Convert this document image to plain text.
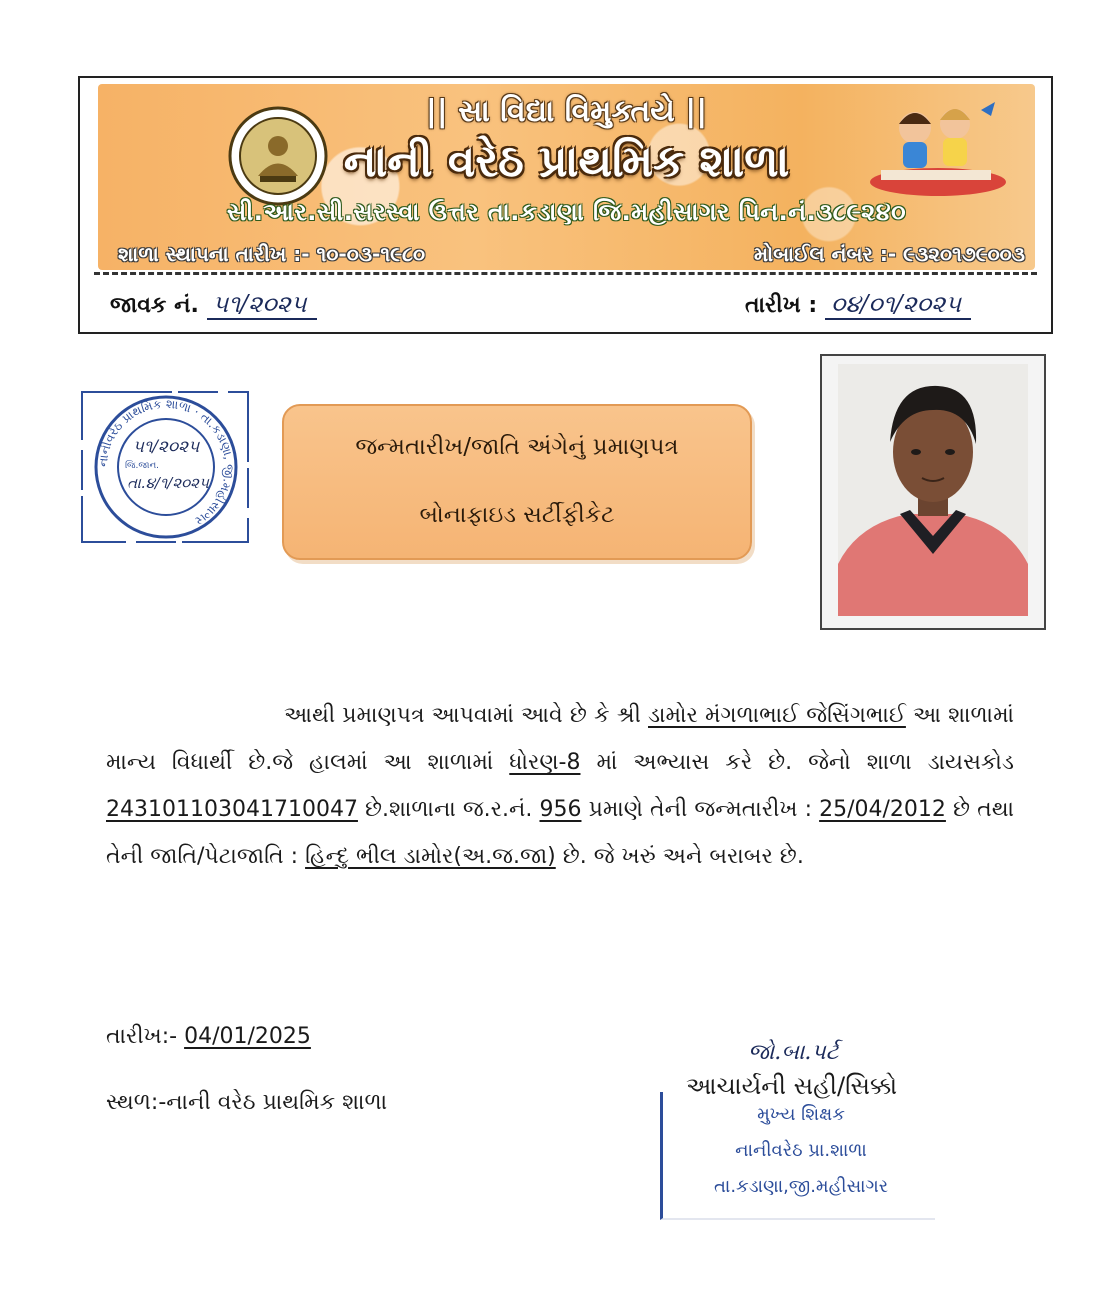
|| સા વિદ્યા વિમુક્તયે ||
નાની વરેઠ પ્રાથમિક શાળા
સી.આર.સી.સરસ્વા ઉત્તર તા.કડાણા જિ.મહીસાગર પિન.નં.૩૮૯૨૪૦
શાળા સ્થાપના તારીખ :- ૧૦-૦૩-૧૯૮૦	મોબાઈલ નંબર :- ૯૩૨૦૧૭૯૦૦૩
જાવક નં. ૫૧/૨૦૨૫	તારીખ : ૦૪/૦૧/૨૦૨૫
નાનીવરેઠ પ્રાથમિક શાળા · તા.કડાણા, જી.મહીસાગર
૫૧/૨૦૨૫
જિ.જાન.
તા.૪/૧/૨૦૨૫
જન્મતારીખ/જાતિ અંગેનું પ્રમાણપત્ર
બોનાફાઇડ સર્ટીફીકેટ
આથી પ્રમાણપત્ર આપવામાં આવે છે કે શ્રી ડામોર મંગળાભાઈ જેસિંગભાઈ આ શાળામાં માન્ય વિધાર્થી છે.જે હાલમાં આ શાળામાં ધોરણ-8 માં અભ્યાસ કરે છે. જેનો શાળા ડાયસકોડ 24310110304171004​7 છે.શાળાના જ.ર.નં. 956 પ્રમાણે તેની જન્મતારીખ : 25/04/2012 છે તથા તેની જાતિ/પેટાજાતિ : હિન્દુ ભીલ ડામોર(અ.જ.જા) છે. જે ખરું અને બરાબર છે.
તારીખ:- 04/01/2025
સ્થળ:-નાની વરેઠ પ્રાથમિક શાળા
જો.બા.પર્ટ
આચાર્યની સહી/સિક્કો
મુખ્ય શિક્ષક
નાનીવરેઠ પ્રા.શાળા
તા.કડાણા,જી.મહીસાગર
